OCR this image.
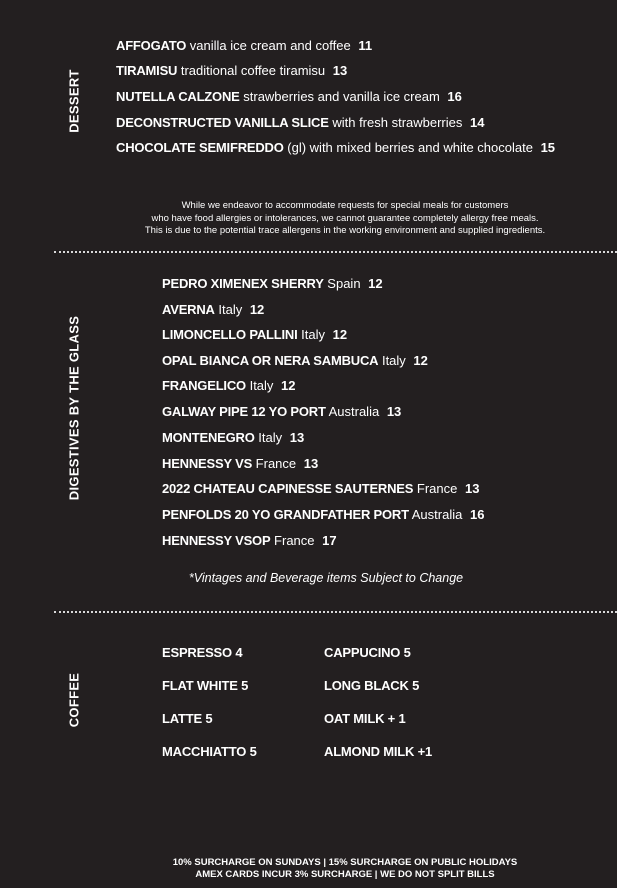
DESSERT
AFFOGATO vanilla ice cream and coffee 11
TIRAMISU traditional coffee tiramisu 13
NUTELLA CALZONE strawberries and vanilla ice cream 16
DECONSTRUCTED VANILLA SLICE with fresh strawberries 14
CHOCOLATE SEMIFREDDO (gl) with mixed berries and white chocolate 15
While we endeavor to accommodate requests for special meals for customers
who have food allergies or intolerances, we cannot guarantee completely allergy free meals.
This is due to the potential trace allergens in the working environment and supplied ingredients.
DIGESTIVES BY THE GLASS
PEDRO XIMENEX SHERRY Spain 12
AVERNA Italy 12
LIMONCELLO PALLINI Italy 12
OPAL BIANCA OR NERA SAMBUCA Italy 12
FRANGELICO Italy 12
GALWAY PIPE 12 YO PORT Australia 13
MONTENEGRO Italy 13
HENNESSY VS France 13
2022 CHATEAU CAPINESSE SAUTERNES France 13
PENFOLDS 20 YO GRANDFATHER PORT Australia 16
HENNESSY VSOP France 17
*Vintages and Beverage items Subject to Change
COFFEE
ESPRESSO 4	CAPPUCINO 5
FLAT WHITE 5	LONG BLACK 5
LATTE 5	OAT MILK + 1
MACCHIATTO 5	ALMOND MILK +1
10% SURCHARGE ON SUNDAYS | 15% SURCHARGE ON PUBLIC HOLIDAYS
AMEX CARDS INCUR 3% SURCHARGE | WE DO NOT SPLIT BILLS
